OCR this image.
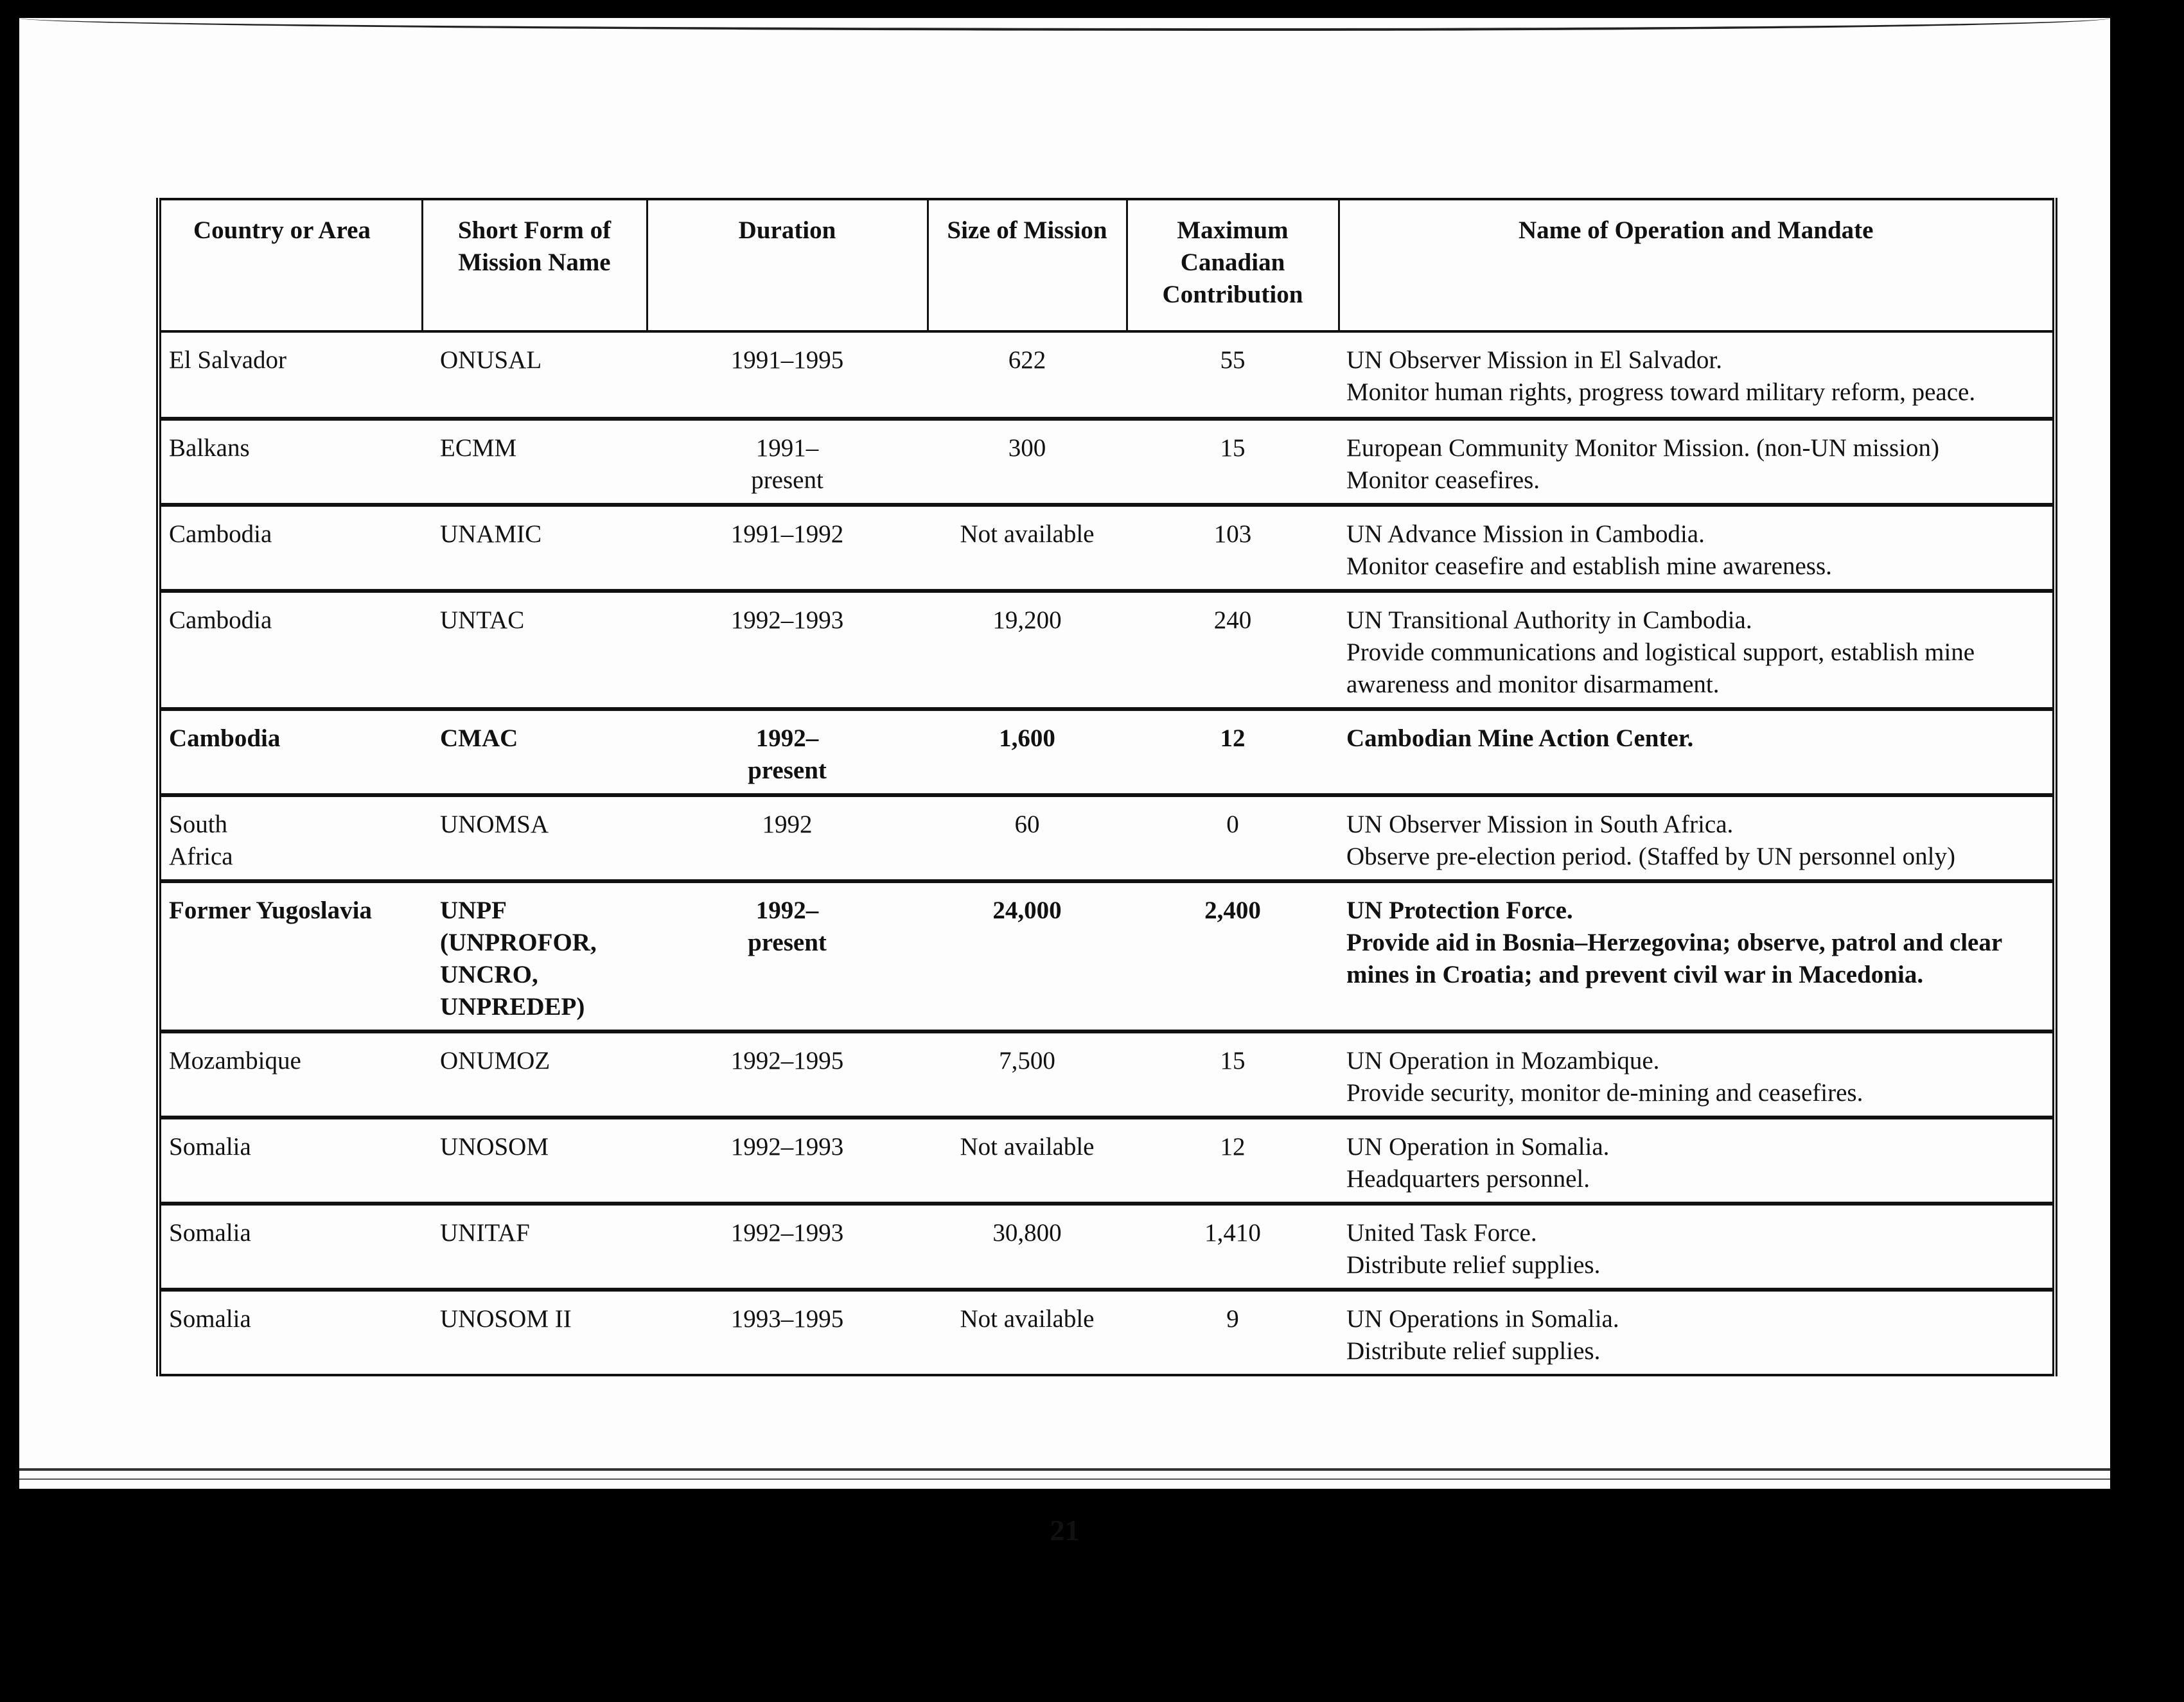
Country or Area	Short Form of Mission Name	Duration	Size of Mission	Maximum Canadian Contribution	Name of Operation and Mandate
El Salvador	ONUSAL	1991–1995	622	55	UN Observer Mission in El Salvador.
Monitor human rights, progress toward military reform, peace.

Balkans	ECMM	1991–present	300	15	European Community Monitor Mission. (non-UN mission)
Monitor ceasefires.

Cambodia	UNAMIC	1991–1992	Not available	103	UN Advance Mission in Cambodia.
Monitor ceasefire and establish mine awareness.

Cambodia	UNTAC	1992–1993	19,200	240	UN Transitional Authority in Cambodia.
Provide communications and logistical support, establish mine awareness and monitor disarmament.

Cambodia	CMAC	1992–present	1,600	12	Cambodian Mine Action Center.

South Africa	UNOMSA	1992	60	0	UN Observer Mission in South Africa.
Observe pre-election period. (Staffed by UN personnel only)

Former Yugoslavia	UNPF (UNPROFOR, UNCRO, UNPREDEP)	1992–present	24,000	2,400	UN Protection Force.
Provide aid in Bosnia–Herzegovina; observe, patrol and clear mines in Croatia; and prevent civil war in Macedonia.

Mozambique	ONUMOZ	1992–1995	7,500	15	UN Operation in Mozambique.
Provide security, monitor de-mining and ceasefires.

Somalia	UNOSOM	1992–1993	Not available	12	UN Operation in Somalia.
Headquarters personnel.

Somalia	UNITAF	1992–1993	30,800	1,410	United Task Force.
Distribute relief supplies.

Somalia	UNOSOM II	1993–1995	Not available	9	UN Operations in Somalia.
Distribute relief supplies.
21
